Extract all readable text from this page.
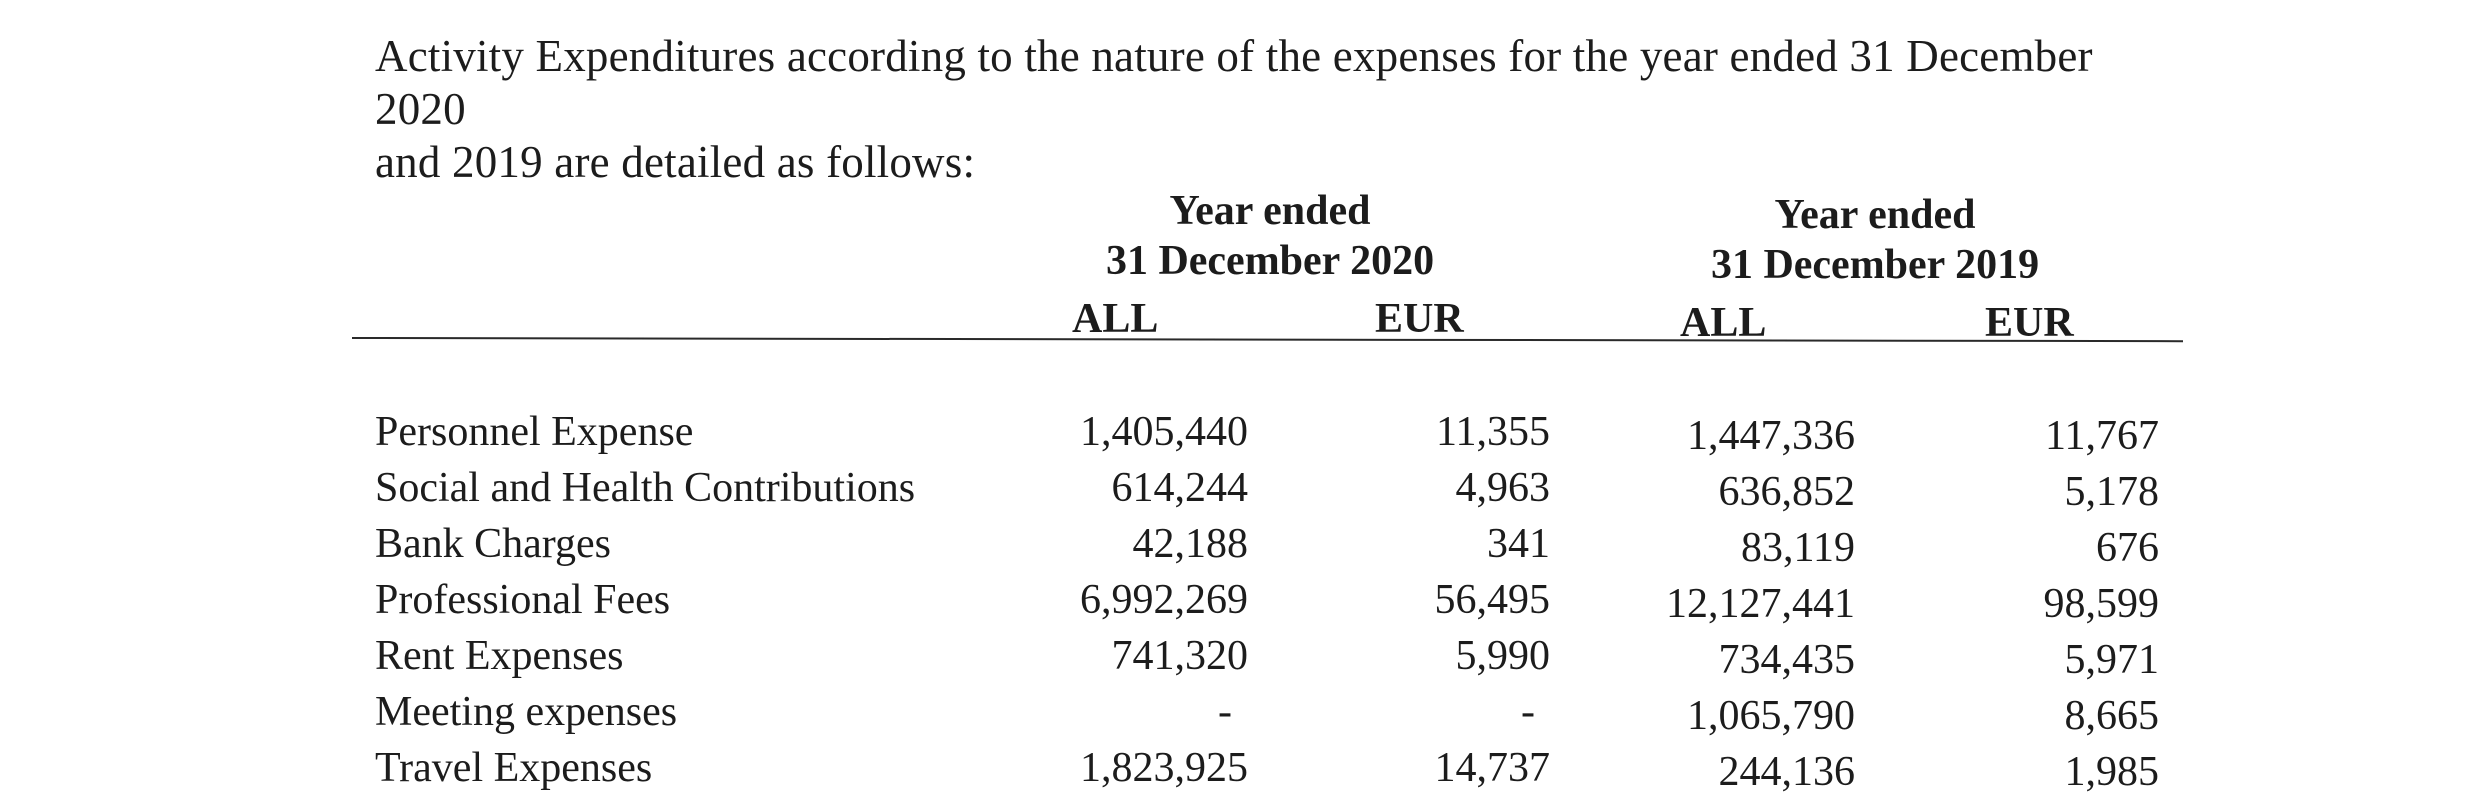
Activity Expenditures according to the nature of the expenses for the year ended 31 December 2020
and 2019 are detailed as follows:
Year ended
31 December 2020
Year ended
31 December 2019
ALL	EUR	ALL	EUR
Personnel Expense	1,405,440	11,355	1,447,336	11,767
Social and Health Contributions	614,244	4,963	636,852	5,178
Bank Charges	42,188	341	83,119	676
Professional Fees	6,992,269	56,495	12,127,441	98,599
Rent Expenses	741,320	5,990	734,435	5,971
Meeting expenses	-	-	1,065,790	8,665
Travel Expenses	1,823,925	14,737	244,136	1,985
